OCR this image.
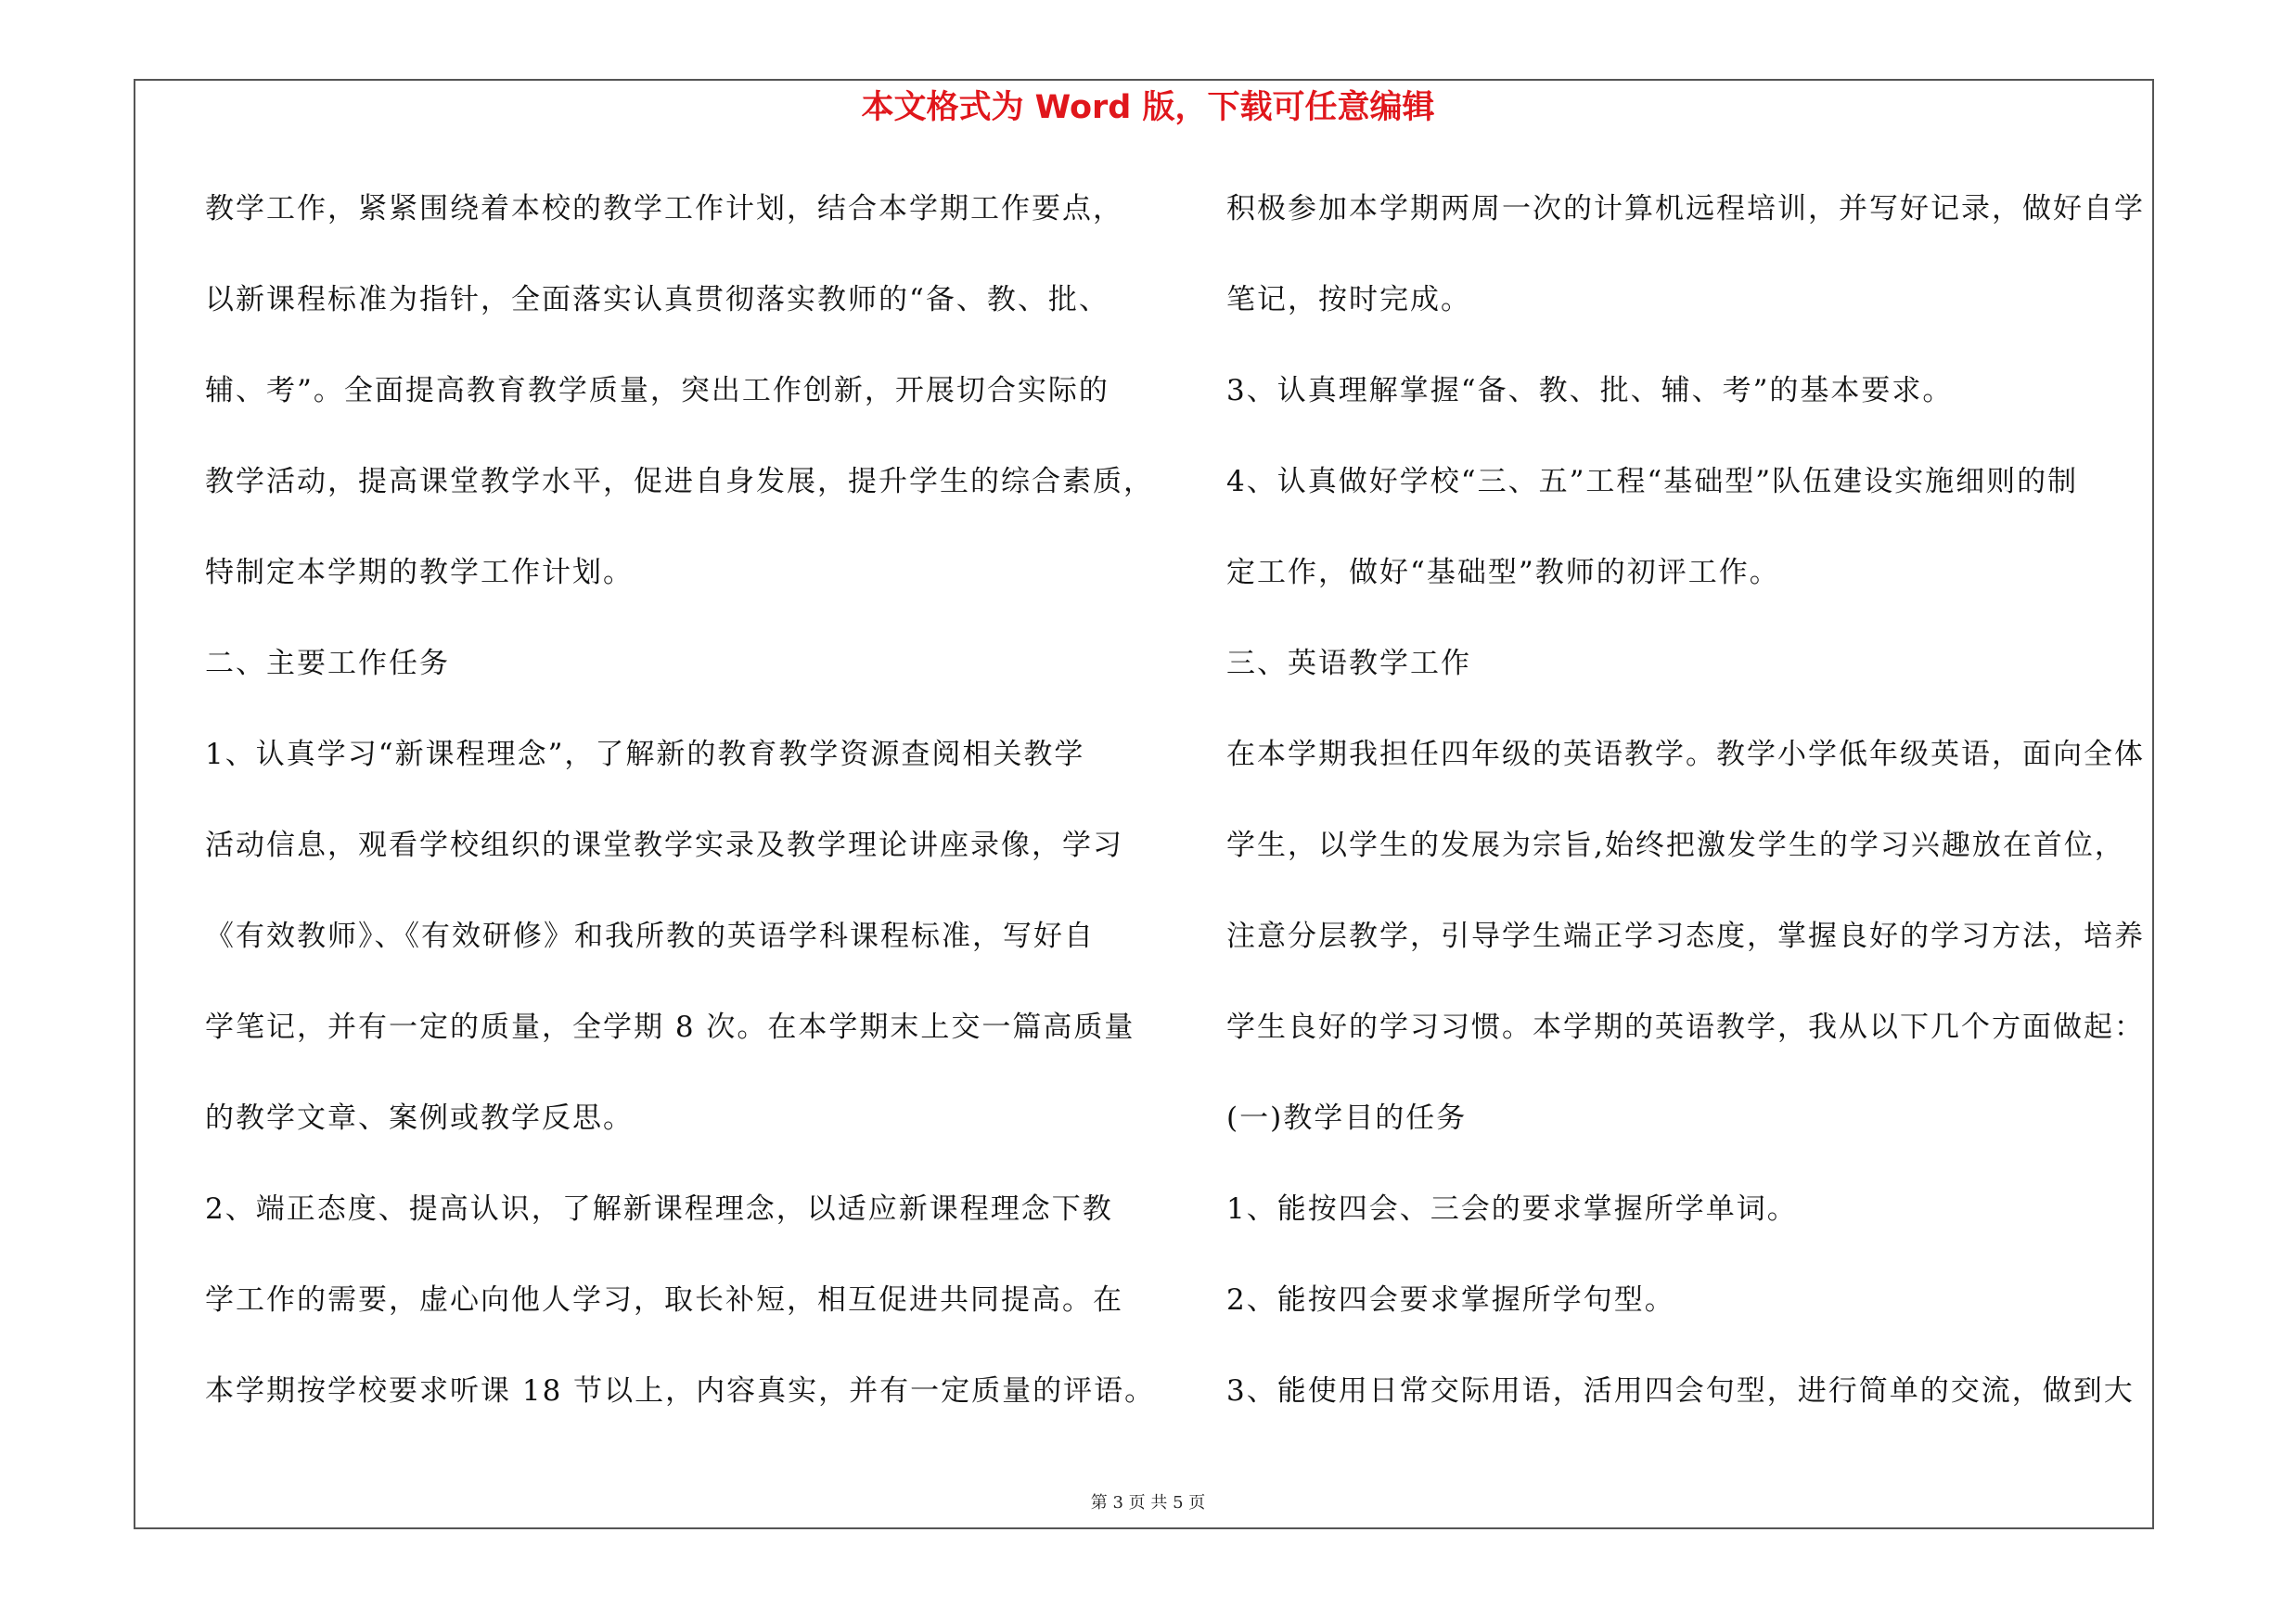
本文格式为 Word 版，下载可任意编辑
教学工作，紧紧围绕着本校的教学工作计划，结合本学期工作要点，
以新课程标准为指针，全面落实认真贯彻落实教师的“备、教、批、
辅、考”。全面提高教育教学质量，突出工作创新，开展切合实际的
教学活动，提高课堂教学水平，促进自身发展，提升学生的综合素质，
特制定本学期的教学工作计划。
二、主要工作任务
1、认真学习“新课程理念”，了解新的教育教学资源查阅相关教学
活动信息，观看学校组织的课堂教学实录及教学理论讲座录像，学习
《有效教师》、《有效研修》和我所教的英语学科课程标准，写好自
学笔记，并有一定的质量，全学期 8 次。在本学期末上交一篇高质量
的教学文章、案例或教学反思。
2、端正态度、提高认识，了解新课程理念，以适应新课程理念下教
学工作的需要，虚心向他人学习，取长补短，相互促进共同提高。在
本学期按学校要求听课 18 节以上，内容真实，并有一定质量的评语。
积极参加本学期两周一次的计算机远程培训，并写好记录，做好自学
笔记，按时完成。
3、认真理解掌握“备、教、批、辅、考”的基本要求。
4、认真做好学校“三、五”工程“基础型”队伍建设实施细则的制
定工作，做好“基础型”教师的初评工作。
三、英语教学工作
在本学期我担任四年级的英语教学。教学小学低年级英语，面向全体
学生，以学生的发展为宗旨,始终把激发学生的学习兴趣放在首位，
注意分层教学，引导学生端正学习态度，掌握良好的学习方法，培养
学生良好的学习习惯。本学期的英语教学，我从以下几个方面做起：
(一)教学目的任务
1、能按四会、三会的要求掌握所学单词。
2、能按四会要求掌握所学句型。
3、能使用日常交际用语，活用四会句型，进行简单的交流，做到大
第 3 页 共 5 页
